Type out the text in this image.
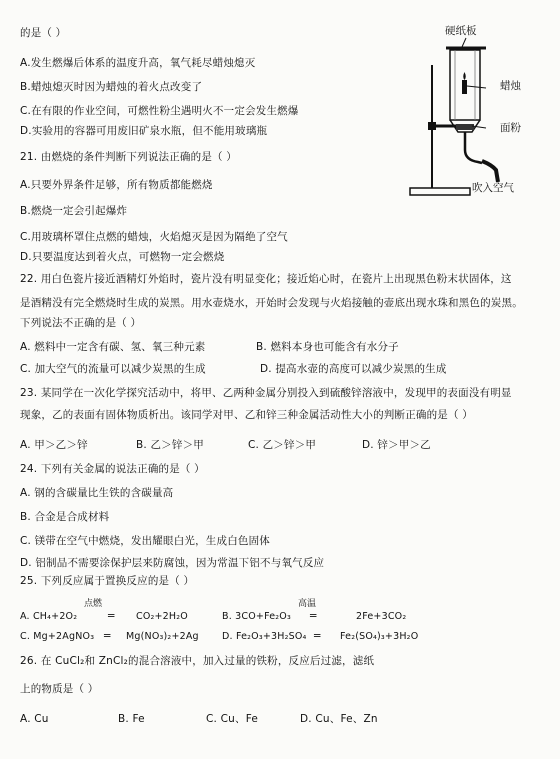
的是（ ）
A.发生燃爆后体系的温度升高，氧气耗尽蜡烛熄灭
B.蜡烛熄灭时因为蜡烛的着火点改变了
C.在有限的作业空间，可燃性粉尘遇明火不一定会发生燃爆
D.实验用的容器可用废旧矿泉水瓶，但不能用玻璃瓶
硬纸板
蜡烛
面粉
吹入空气
21. 由燃烧的条件判断下列说法正确的是（ ）
A.只要外界条件足够，所有物质都能燃烧
B.燃烧一定会引起爆炸
C.用玻璃杯罩住点燃的蜡烛，火焰熄灭是因为隔绝了空气
D.只要温度达到着火点，可燃物一定会燃烧
22. 用白色瓷片接近酒精灯外焰时，瓷片没有明显变化；接近焰心时，在瓷片上出现黑色粉末状固体，这
是酒精没有完全燃烧时生成的炭黑。用水壶烧水，开始时会发现与火焰接触的壶底出现水珠和黑色的炭黑。
下列说法不正确的是（ ）
A. 燃料中一定含有碳、氢、氧三种元素	B. 燃料本身也可能含有水分子
C. 加大空气的流量可以减少炭黑的生成	D. 提高水壶的高度可以减少炭黑的生成
23. 某同学在一次化学探究活动中，将甲、乙两种金属分别投入到硫酸锌溶液中，发现甲的表面没有明显
现象，乙的表面有固体物质析出。该同学对甲、乙和锌三种金属活动性大小的判断正确的是（ ）
A. 甲＞乙＞锌	B. 乙＞锌＞甲	C. 乙＞锌＞甲	D. 锌＞甲＞乙
24. 下列有关金属的说法正确的是（ ）
A. 钢的含碳量比生铁的含碳量高
B. 合金是合成材料
C. 镁带在空气中燃烧，发出耀眼白光，生成白色固体
D. 铝制品不需要涂保护层来防腐蚀，因为常温下铝不与氧气反应
25. 下列反应属于置换反应的是（ ）
A. CH₄+2O₂
点燃
═ CO₂+2H₂O	B. 3CO+Fe₂O₃
高温
═	2Fe+3CO₂
C. Mg+2AgNO₃ ═ Mg(NO₃)₂+2Ag D. Fe₂O₃+3H₂SO₄ ═ Fe₂(SO₄)₃+3H₂O
26. 在 CuCl₂和 ZnCl₂的混合溶液中，加入过量的铁粉，反应后过滤，滤纸
上的物质是（ ）
A. Cu	B. Fe	C. Cu、Fe	D. Cu、Fe、Zn
